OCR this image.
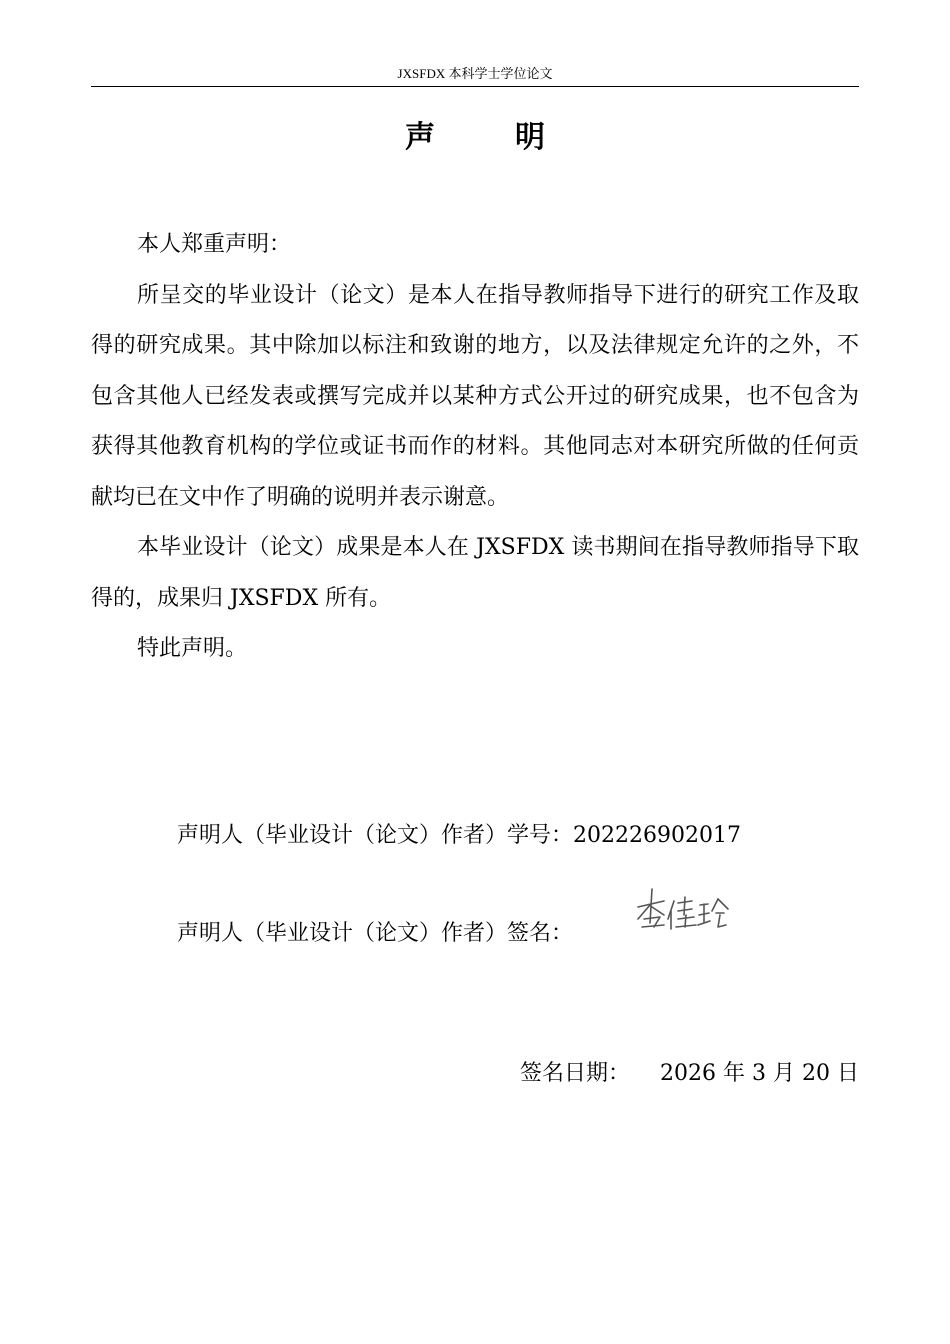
JXSFDX 本科学士学位论文
声	明

本人郑重声明：

所呈交的毕业设计（论文）是本人在指导教师指导下进行的研究工作及取得的研究成果。其中除加以标注和致谢的地方，以及法律规定允许的之外，不包含其他人已经发表或撰写完成并以某种方式公开过的研究成果，也不包含为获得其他教育机构的学位或证书而作的材料。其他同志对本研究所做的任何贡献均已在文中作了明确的说明并表示谢意。

本毕业设计（论文）成果是本人在 JXSFDX 读书期间在指导教师指导下取得的，成果归 JXSFDX 所有。

特此声明。

声明人（毕业设计（论文）作者）学号：202226902017
声明人（毕业设计（论文）作者）签名：
签名日期： 2026 年 3 月 20 日
